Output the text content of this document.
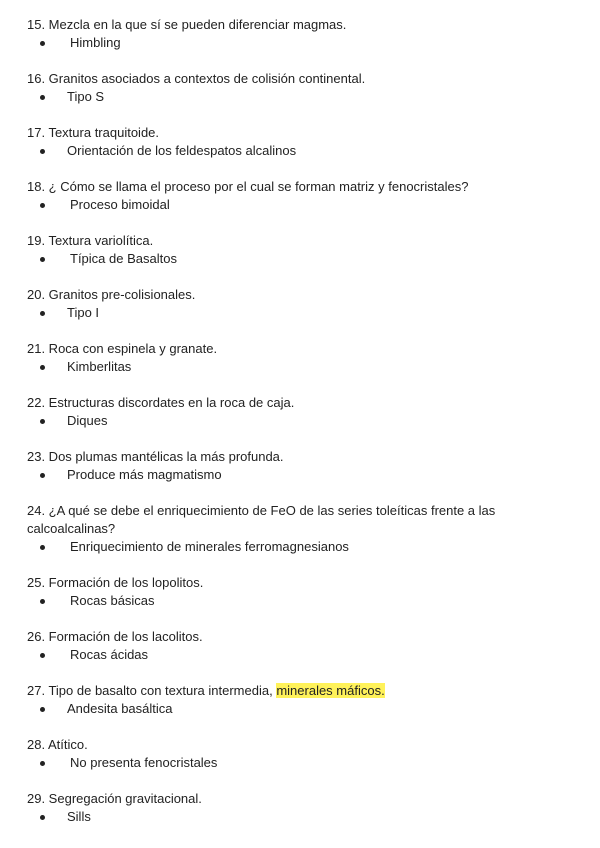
15. Mezcla en la que sí se pueden diferenciar magmas.

Himbling

16. Granitos asociados a contextos de colisión continental.

Tipo S

17. Textura traquitoide.

Orientación de los feldespatos alcalinos

18. ¿ Cómo se llama el proceso por el cual se forman matriz y fenocristales?

Proceso bimoidal

19. Textura variolítica.

Típica de Basaltos

20. Granitos pre-colisionales.

Tipo I

21. Roca con espinela y granate.

Kimberlitas

22. Estructuras discordates en la roca de caja.

Diques

23. Dos plumas mantélicas la más profunda.

Produce más magmatismo

24. ¿A qué se debe el enriquecimiento de FeO de las series toleíticas frente a las calcoalcalinas?

Enriquecimiento de minerales ferromagnesianos

25. Formación de los lopolitos.

Rocas básicas

26. Formación de los lacolitos.

Rocas ácidas

27. Tipo de basalto con textura intermedia, minerales máficos.

Andesita basáltica

28. Atítico.

No presenta fenocristales

29. Segregación gravitacional.

Sills
